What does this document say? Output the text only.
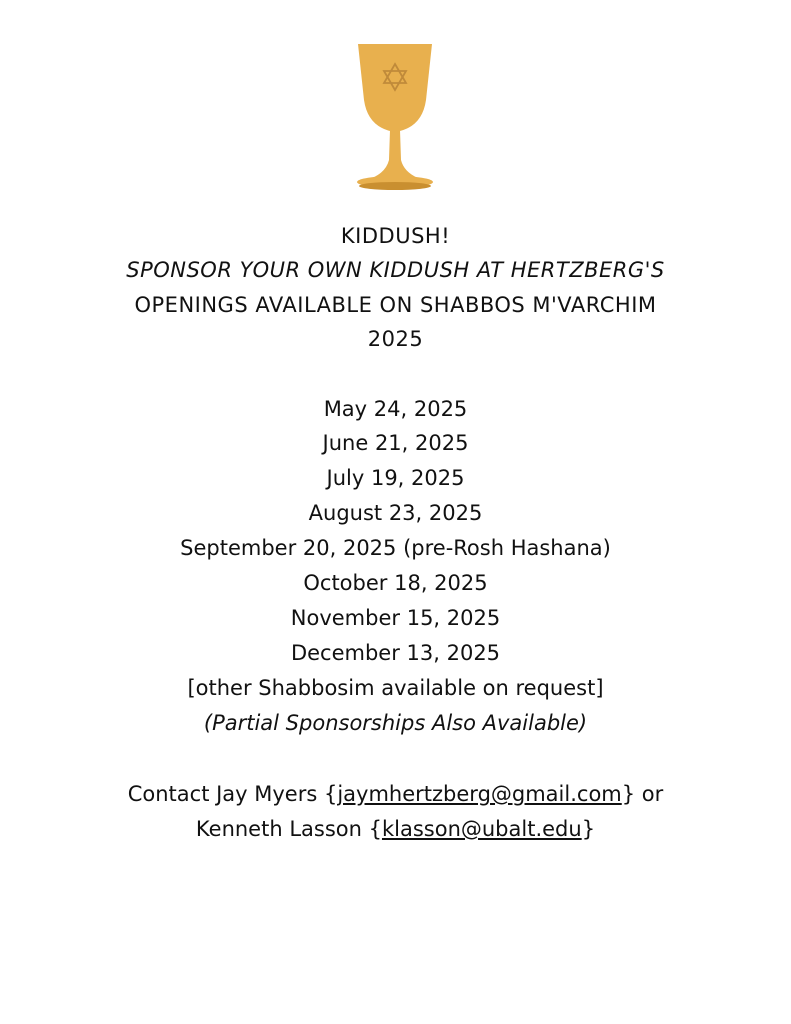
KIDDUSH!
SPONSOR YOUR OWN KIDDUSH AT HERTZBERG'S
OPENINGS AVAILABLE ON SHABBOS M'VARCHIM
2025
May 24, 2025
June 21, 2025
July 19, 2025
August 23, 2025
September 20, 2025 (pre-Rosh Hashana)
October 18, 2025
November 15, 2025
December 13, 2025
[other Shabbosim available on request]
(Partial Sponsorships Also Available)
Contact Jay Myers {jaymhertzberg@gmail.com} or
Kenneth Lasson {klasson@ubalt.edu}
